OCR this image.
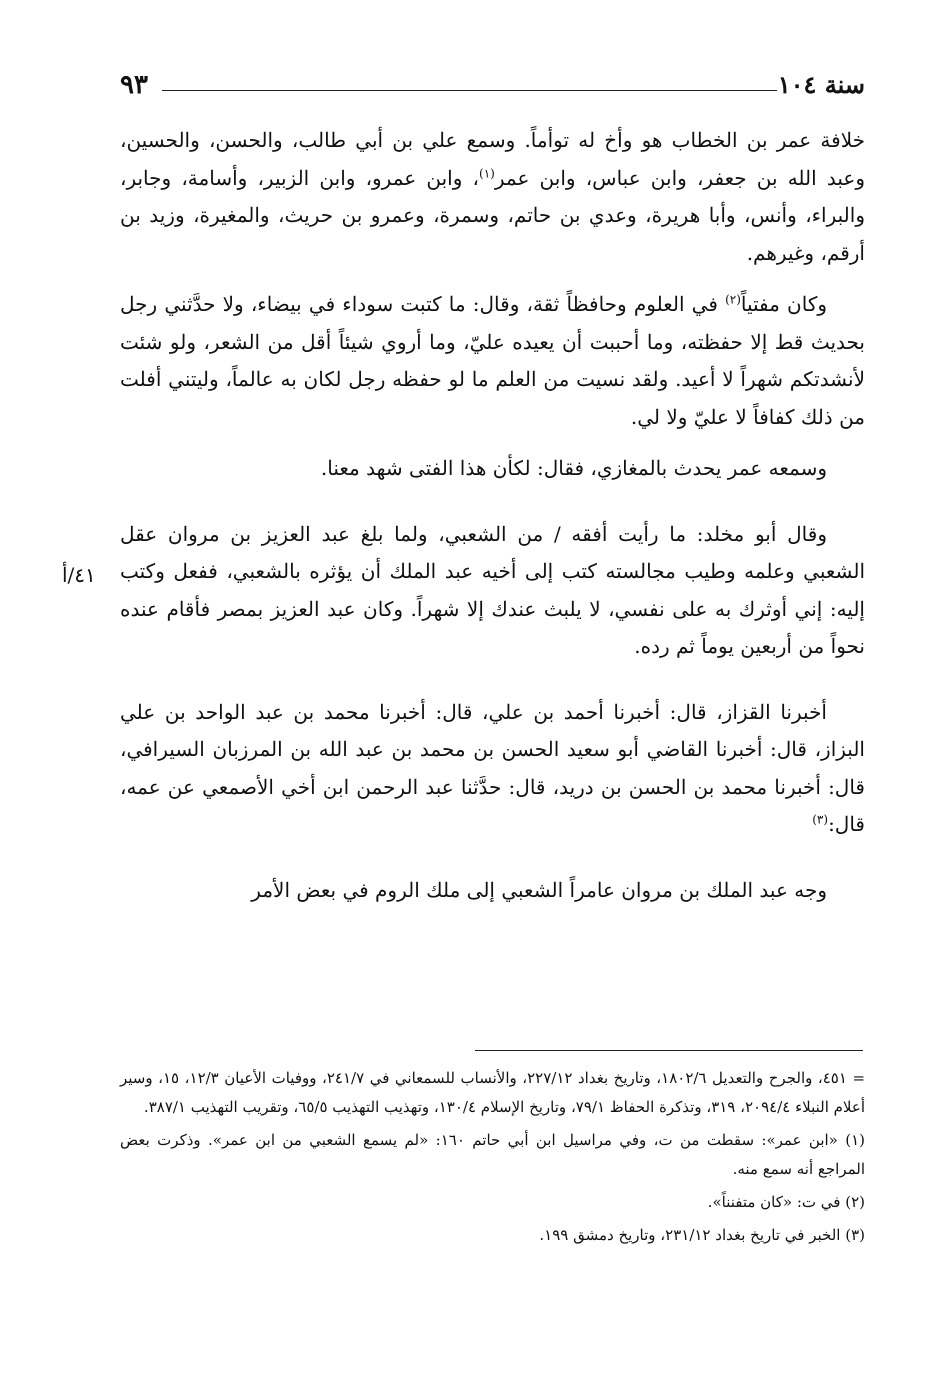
سنة ١٠٤
٩٣
٤١/أ

خلافة عمر بن الخطاب هو وأخ له توأماً. وسمع علي بن أبي طالب، والحسن، والحسين، وعبد الله بن جعفر، وابن عباس، وابن عمر$^{(١)}$، وابن عمرو، وابن الزبير، وأسامة، وجابر، والبراء، وأنس، وأبا هريرة، وعدي بن حاتم، وسمرة، وعمرو بن حريث، والمغيرة، وزيد بن أرقم، وغيرهم.

وكان مفتياً$^{(٢)}$ في العلوم وحافظاً ثقة، وقال: ما كتبت سوداء في بيضاء، ولا حدَّثني رجل بحديث قط إلا حفظته، وما أحببت أن يعيده عليّ، وما أروي شيئاً أقل من الشعر، ولو شئت لأنشدتكم شهراً لا أعيد. ولقد نسيت من العلم ما لو حفظه رجل لكان به عالماً، وليتني أفلت من ذلك كفافاً لا عليّ ولا لي.

وسمعه عمر يحدث بالمغازي، فقال: لكأن هذا الفتى شهد معنا.

وقال أبو مخلد: ما رأيت أفقه / من الشعبي، ولما بلغ عبد العزيز بن مروان عقل الشعبي وعلمه وطيب مجالسته كتب إلى أخيه عبد الملك أن يؤثره بالشعبي، ففعل وكتب إليه: إني أوثرك به على نفسي، لا يلبث عندك إلا شهراً. وكان عبد العزيز بمصر فأقام عنده نحواً من أربعين يوماً ثم رده.

أخبرنا القزاز، قال: أخبرنا أحمد بن علي، قال: أخبرنا محمد بن عبد الواحد بن علي البزاز، قال: أخبرنا القاضي أبو سعيد الحسن بن محمد بن عبد الله بن المرزبان السيرافي، قال: أخبرنا محمد بن الحسن بن دريد، قال: حدَّثنا عبد الرحمن ابن أخي الأصمعي عن عمه، قال:$^{(٣)}$

وجه عبد الملك بن مروان عامراً الشعبي إلى ملك الروم في بعض الأمر

= ٤٥١، والجرح والتعديل ١٨٠٢/٦، وتاريخ بغداد ٢٢٧/١٢، والأنساب للسمعاني في ٢٤١/٧، ووفيات الأعيان ١٢/٣، ١٥، وسير أعلام النبلاء ٢٠٩٤/٤، ٣١٩، وتذكرة الحفاظ ٧٩/١، وتاريخ الإسلام ١٣٠/٤، وتهذيب التهذيب ٦٥/٥، وتقريب التهذيب ٣٨٧/١.

(١) «ابن عمر»: سقطت من ت، وفي مراسيل ابن أبي حاتم ١٦٠: «لم يسمع الشعبي من ابن عمر». وذكرت بعض المراجع أنه سمع منه.

(٢) في ت: «كان متفنناً».

(٣) الخبر في تاريخ بغداد ٢٣١/١٢، وتاريخ دمشق ١٩٩.
